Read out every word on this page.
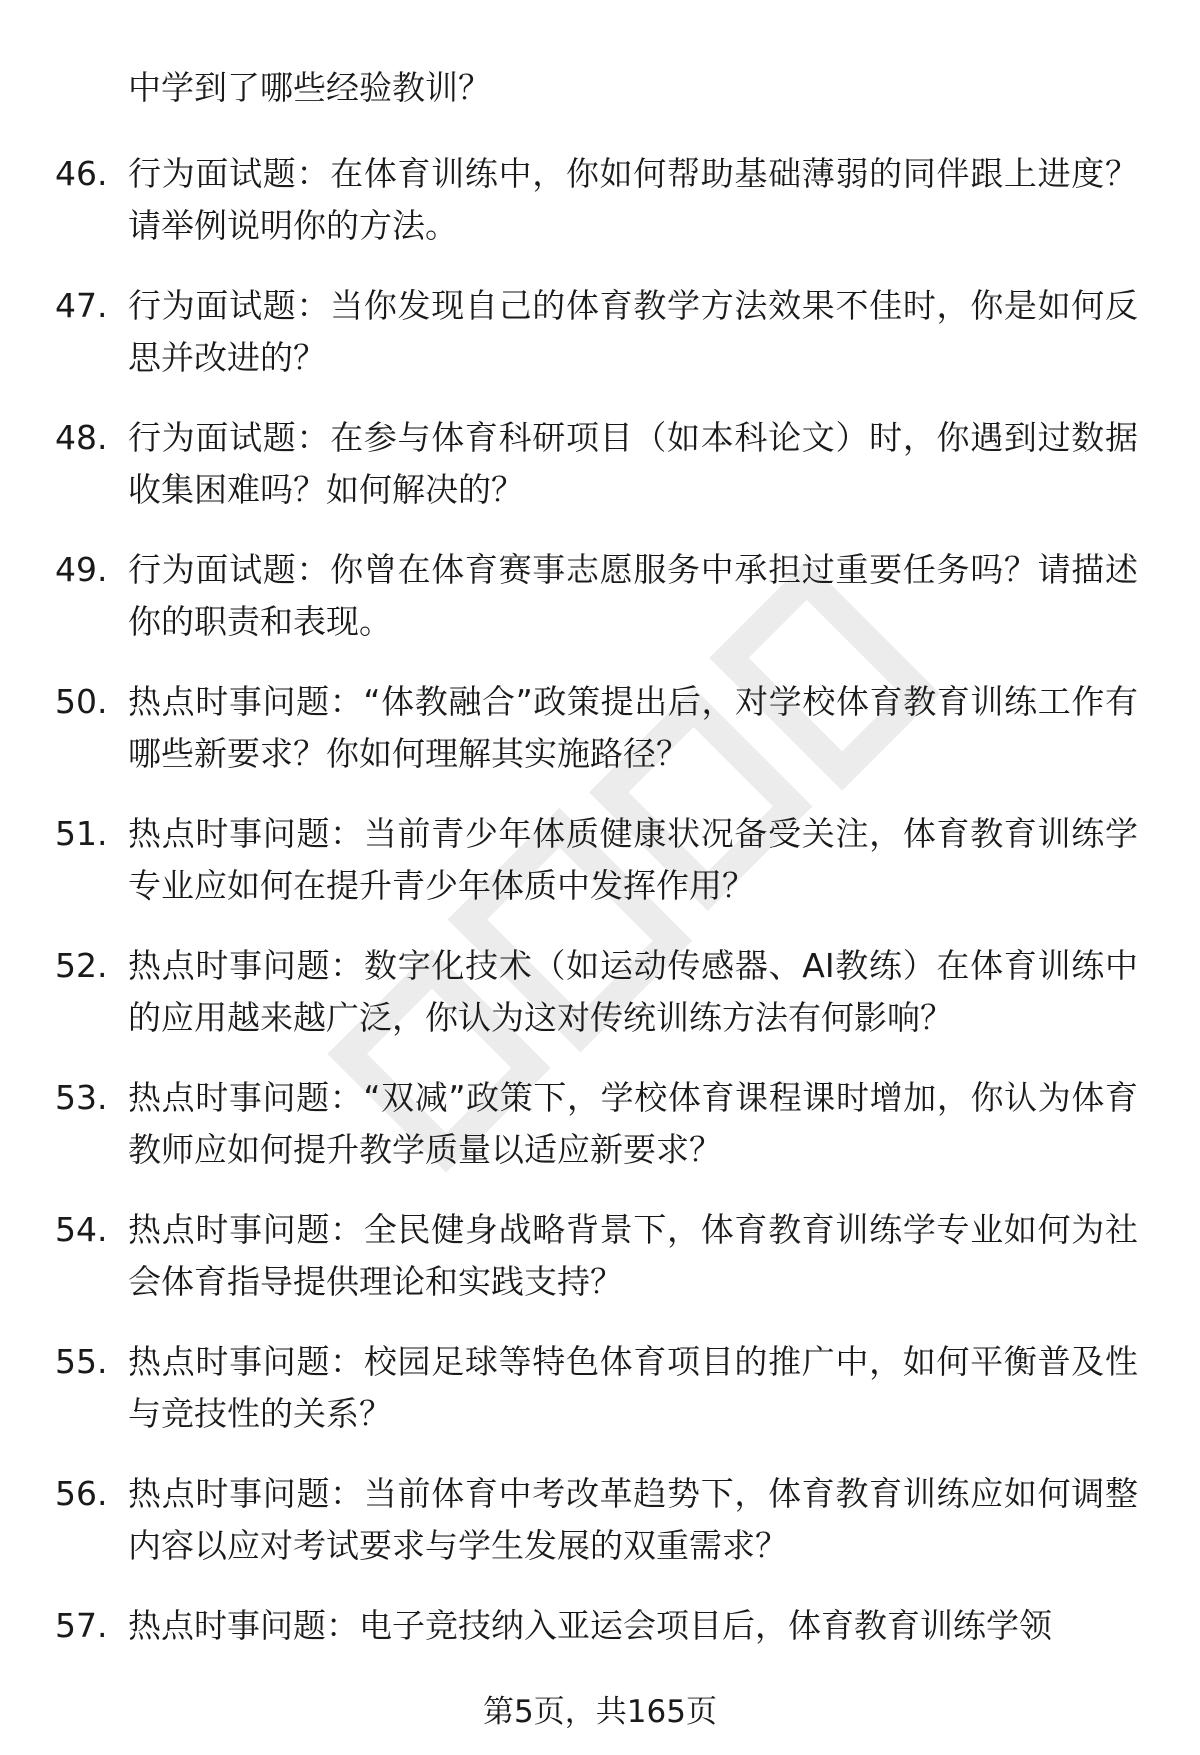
中学到了哪些经验教训？
46. 行为面试题：在体育训练中，你如何帮助基础薄弱的同伴跟上进度？请举例说明你的方法。
47. 行为面试题：当你发现自己的体育教学方法效果不佳时，你是如何反思并改进的？
48. 行为面试题：在参与体育科研项目（如本科论文）时，你遇到过数据收集困难吗？如何解决的？
49. 行为面试题：你曾在体育赛事志愿服务中承担过重要任务吗？请描述你的职责和表现。
50. 热点时事问题：“体教融合”政策提出后，对学校体育教育训练工作有哪些新要求？你如何理解其实施路径？
51. 热点时事问题：当前青少年体质健康状况备受关注，体育教育训练学专业应如何在提升青少年体质中发挥作用？
52. 热点时事问题：数字化技术（如运动传感器、AI教练）在体育训练中的应用越来越广泛，你认为这对传统训练方法有何影响？
53. 热点时事问题：“双减”政策下，学校体育课程课时增加，你认为体育教师应如何提升教学质量以适应新要求？
54. 热点时事问题：全民健身战略背景下，体育教育训练学专业如何为社会体育指导提供理论和实践支持？
55. 热点时事问题：校园足球等特色体育项目的推广中，如何平衡普及性与竞技性的关系？
56. 热点时事问题：当前体育中考改革趋势下，体育教育训练应如何调整内容以应对考试要求与学生发展的双重需求？
57. 热点时事问题：电子竞技纳入亚运会项目后，体育教育训练学领
第5页，共165页
